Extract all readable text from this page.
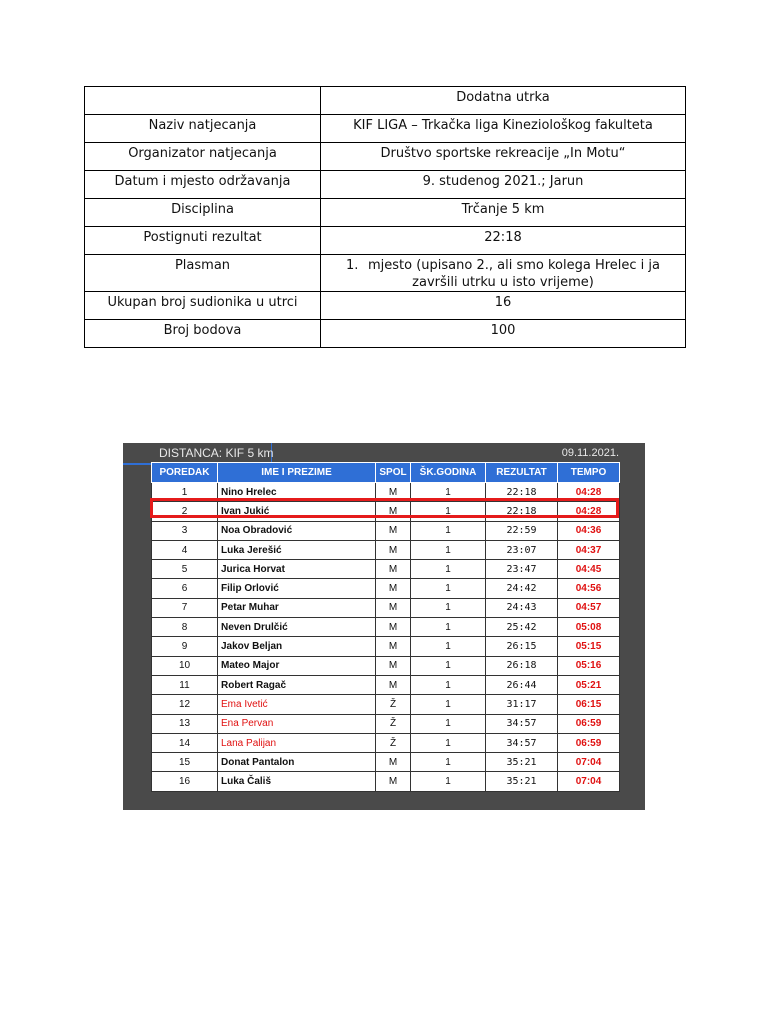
	Dodatna utrka
Naziv natjecanja	KIF LIGA – Trkačka liga Kineziološkog fakulteta
Organizator natjecanja	Društvo sportske rekreacije „In Motu“
Datum i mjesto održavanja	9. studenog 2021.; Jarun
Disciplina	Trčanje 5 km
Postignuti rezultat	22:18
Plasman	1. mjesto (upisano 2., ali smo kolega Hrelec i ja
završili utrku u isto vrijeme)

Ukupan broj sudionika u utrci	16
Broj bodova	100
DISTANCA: KIF 5 km	09.11.2021.
POREDAK	IME I PREZIME	SPOL	ŠK.GODINA	REZULTAT	TEMPO
1	Nino Hrelec	M	1	22:18	04:28
2	Ivan Jukić	M	1	22:18	04:28
3	Noa Obradović	M	1	22:59	04:36
4	Luka Jerešić	M	1	23:07	04:37
5	Jurica Horvat	M	1	23:47	04:45
6	Filip Orlović	M	1	24:42	04:56
7	Petar Muhar	M	1	24:43	04:57
8	Neven Drulčić	M	1	25:42	05:08
9	Jakov Beljan	M	1	26:15	05:15
10	Mateo Major	M	1	26:18	05:16
11	Robert Ragač	M	1	26:44	05:21
12	Ema Ivetić	Ž	1	31:17	06:15
13	Ena Pervan	Ž	1	34:57	06:59
14	Lana Palijan	Ž	1	34:57	06:59
15	Donat Pantalon	M	1	35:21	07:04
16	Luka Čališ	M	1	35:21	07:04
